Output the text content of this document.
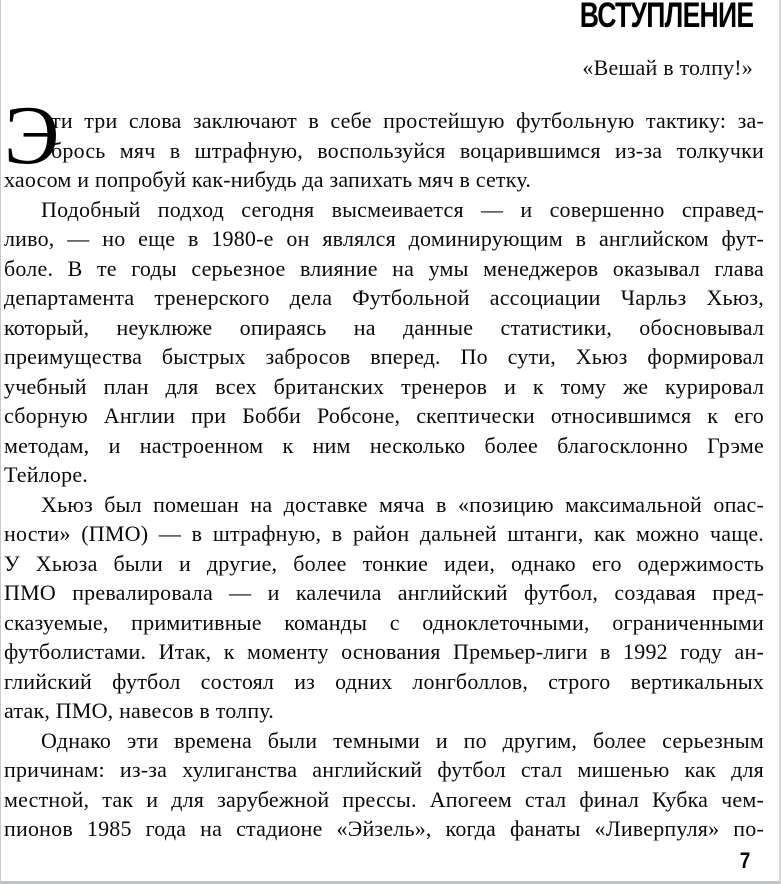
ВСТУПЛЕНИЕ
«Вешай в толпу!»
Э
ти три слова заключают в себе простейшую футбольную тактику: за-
брось мяч в штрафную, воспользуйся воцарившимся из-за толкучки
хаосом и попробуй как-нибудь да запихать мяч в сетку.
Подобный подход сегодня высмеивается — и совершенно справед-
ливо, — но еще в 1980-е он являлся доминирующим в английском фут-
боле. В те годы серьезное влияние на умы менеджеров оказывал глава
департамента тренерского дела Футбольной ассоциации Чарльз Хьюз,
который, неуклюже опираясь на данные статистики, обосновывал
преимущества быстрых забросов вперед. По сути, Хьюз формировал
учебный план для всех британских тренеров и к тому же курировал
сборную Англии при Бобби Робсоне, скептически относившимся к его
методам, и настроенном к ним несколько более благосклонно Грэме
Тейлоре.
Хьюз был помешан на доставке мяча в «позицию максимальной опас-
ности» (ПМО) — в штрафную, в район дальней штанги, как можно чаще.
У Хьюза были и другие, более тонкие идеи, однако его одержимость
ПМО превалировала — и калечила английский футбол, создавая пред-
сказуемые, примитивные команды с одноклеточными, ограниченными
футболистами. Итак, к моменту основания Премьер-лиги в 1992 году ан-
глийский футбол состоял из одних лонгболлов, строго вертикальных
атак, ПМО, навесов в толпу.
Однако эти времена были темными и по другим, более серьезным
причинам: из-за хулиганства английский футбол стал мишенью как для
местной, так и для зарубежной прессы. Апогеем стал финал Кубка чем-
пионов 1985 года на стадионе «Эйзель», когда фанаты «Ливерпуля» по-
7
